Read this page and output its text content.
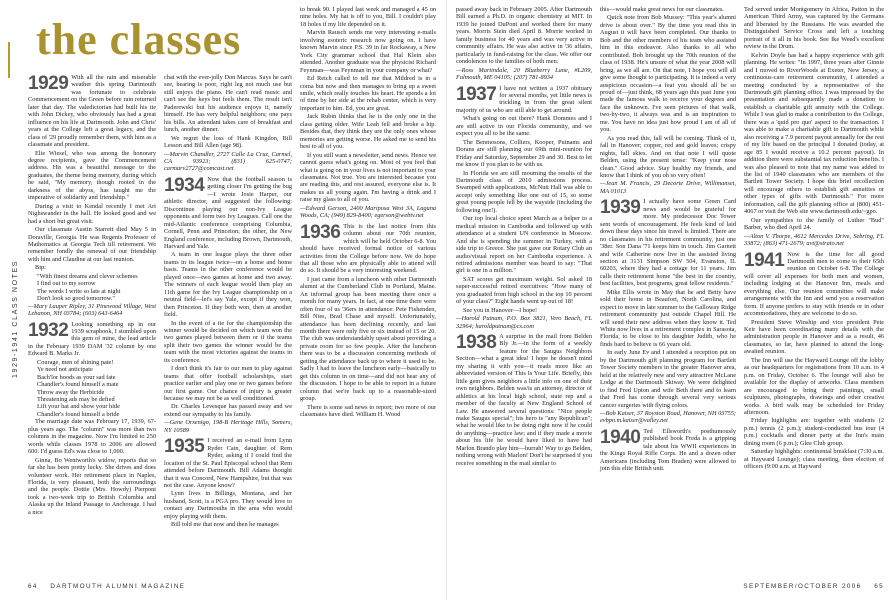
1929-1941 CLASS NOTES
the classes
1929 With all the rain and miserable weather this spring Dartmouth was fortunate to celebrate Commencement on the Green before rain returned later that day. The valedictorian had built his tie with John Dickey, who obviously has had a great influence on his life at Dartmouth. John and Chris' years at the College left a great legacy, and the class of '29 proudly remember them, with him as a classmate and president.

Elie Wiesel, who was among the honorary degree recipients, gave the Commencement address. His was a beautiful message to the graduates, the theme being memory, during which he said, "My memory, though rooted in the darkness of the abyss, has taught me the imperative of solidarity and friendship."

During a visit to Kendal recently I met Art Nighswander in the hall. He looked good and we had a short but great visit.

Our classmate Austin Starrett died May 5 in Doraville, Georgia. He was Regents Professor of Mathematics at Georgia Tech till retirement. We remember fondly the renewal of our friendship with him and Claudine at our last reunion.

Bip:

"With finest dreams and clever schemes

I find out to my sorrow

The words I write so late at night

Don't look so good tomorrow."

—Mary Lauper Ripley, 31 Pinewood Village, West Lebanon, NH 03784; (603) 643-6464

1932 Looking something up in our 1939 scrapbook, I stumbled upon this gem of mine, the lead article in the February 1939 DAM '32 column by one Edward B. Marks Jr.

Courage, men of shining pate!

Ye need not anticipate

Bach'lor hoods as your sad fate

Chandler's found himself a mate

Throw away the Herbicide

Threatening ads may be defied

Lift your hat and show your hide

Chandler's found himself a bride

The marriage date was February 17, 1939, 67-plus years ago. The "column" was more than two columns in the magazine. Now I'm limited to 250 words while classes 1978 to 2006 are allowed 600. I'd guess Ed's was close to 1,000.

Ginna, Bo Wentworth's widow, reports that so far she has been pretty lucky. She drives and does volunteer work. Her retirement place in Naples, Florida, is very pleasant, both the surroundings and the people. Dottie (Mrs. Howdy) Pierpont took a two-week trip to British Columbia and Alaska up the Inland Passage to Anchorage. I had a nice

chat with the ever-jolly Don Marcus. Says he can't see, hearing is poor, right leg not much use but still enjoys the piano. He can't read music and can't see the keys but feels them. The result isn't Paderewski but his audience enjoys it, namely himself. He has very helpful neighbors; one pays his bills. An attendant takes care of breakfast and lunch, another dinner.

We regret the loss of Hank Kingdon, Bill Lesson and Bill Allen (age 98).

—Marvin Chandler, 2727 Calle La Cruz, Carmel, CA 93923; (831) 625-0747; carmarv2727@comcast.net

1934 Now that the football season is getting closer I'm getting the bug—I wrote Josie Harper, our athletic director, and suggested the following: Discontinue playing our non-Ivy League opponents and form two Ivy Leagues. Call one the mid-Atlantic conference comprising Columbia, Cornell, Penn and Princeton; the other, the New England conference, including Brown, Dartmouth, Harvard and Yale.

A team in one league plays the three other teams in its league twice—on a home and home basis. Teams in the other conference would be played once—two games at home and two away. The winners of each league would then play an 11th game for the Ivy League championship on a neutral field—let's say Yale, except if they won, then Princeton. If they both won, then at another field.

In the event of a tie for the championship the winner would be decided on which team won the two games played between them or if the teams split their two games the winner would be the team with the most victories against the teams in its conference.

I don't think it's fair to our men to play against teams that offer football scholarships, start practice earlier and play one or two games before our first game. Our chance of injury is greater because we may not be as well conditioned.

Dr. Charles Levesque has passed away and we extend our sympathy to his family.

—Gene Orsenigo, 198-B Heritage Hills, Somers, NY 10589

1935 I received an e-mail from Lynn Ryder Cain, daughter of Rem Ryder, asking if I could find the location of the St. Paul Episcopal school that Rem attended before Dartmouth. Bill Adams thought that it was Concord, New Hampshire, but that was not the case. Anyone know?

Lynn lives in Billings, Montana, and her husband, Scott, is a PGA pro. They would love to contact any Dartmouths in the area who would enjoy playing with them.

Bill told me that now and then he manages

to break 90. I played last week and managed a 45 on nine holes. My hat is off to you, Bill. I couldn't play 18 holes if my life depended on it.

Marvin Rausch sends me very interesting e-mails involving esoteric research now going on. I have known Marvin since P.S. 39 in far Rockaway, a New York City grammar school that Hal Klein also attended. Another graduate was the physicist Richard Feynman—was Feynman in your company or what?

Ed Reich called to tell me that Mildred is in a coma but now and then manages to bring up a sweet smile, which really touches his heart. He spends a lot of time by her side at the rehab center, which is very important to him. Ed, you are great.

Jack Rubin thinks that he is the only one in the class getting older. Wife Leah fell and broke a hip. Besides that, they think they are the only ones whose memories are getting worse. He asked me to send his best to all of you.

If you still want a newsletter, send news. Hence we cannot guess what's going on. Most of you feel that what is going on in your lives is not important to your classmates. Not true. You are interested because you are reading this, and rest assured, everyone else is. It makes us all young again. I'm having a drink and I raise my glass to all of you.

—Edward Gerson, 2400 Mariposa West 3A, Laguna Woods, CA; (949) 829-8400; egerson@webtv.net

1936 This is the last notice from this column about our 70th reunion, which will be held October 6-8. You should have received formal notice of various activities from the College before now. We do hope that all those who are physically able to attend will do so. It should be a very interesting weekend.

I just came from a luncheon with other Dartmouth alumni at the Cumberland Club in Portland, Maine. An informal group has been meeting there once a month for many years. In fact, at one time there were often four of us '36ers in attendance: Pete Fishenden, Bill Nies, Brad Chase and myself. Unfortunately, attendance has been declining recently, and last month there were only five or six instead of 15 or 20. The club was understandably upset about providing a private room for so few people. After the luncheon there was to be a discussion concerning methods of getting the attendance back up to where it used to be. Sadly I had to leave the luncheon early—basically to get this column in on time—and did not hear any of the discussion. I hope to be able to report in a future column that we're back up to a reasonable-sized group.

There is some sad news to report; two more of our classmates have died. William H. Wood

64 DARTMOUTH ALUMNI MAGAZINE

passed away back in February 2005. After Dartmouth Bill earned a Ph.D. in organic chemistry at MIT. In 1939 he joined DuPont and worked there for many years. Morris Stein died April 8. Morrie worked in family business for 40 years and was very active in community affairs. He was also active in '36 affairs, particularly in fund-raising for the class. We offer our condolences to the families of both men.

—Ross Martindale, 20 Blueberry Lane, #L209, Falmouth, ME 04105; (207) 781-8934

1937 I have not written a 1937 obituary for several months, yet little news is trickling in from the great silent majority of us who are still able to get around.

What's going on out there? Hank Dommes and I are still active in our Florida community, and we expect you all to be the same.

The Benmosons, Colliers, Kooper, Putnams and Dorans are still planning our 69th mini-reunion for Friday and Saturday, September 29 and 30. Best to let me know if you plan to be with us.

In Florida we are still mourning the results of the Dartmouth class of 2010 admissions process. Swamped with applications, McNutt Hall was able to accept only something like one out of 15, so some great young people fell by the wayside (including the following one!).

Our top local choice spent March as a helper to a medical mission in Cambodia and followed up with attendance at a student UN conference in Moscow. And she is spending the summer in Turkey, with a side trip to Greece. She just gave our Rotary Club an audio/visual report on her Cambodia experience. A retired admissions member was heard to say: "That girl is one in a million."

SAT scores get maximum weight. Sol asked 18 super-successful retired executives: "How many of you graduated from high school in the top 10 percent of your class?" Eight hands went up out of 18!

See you in Hanover—I hope!

—Harold Putnam, P.O. Box 3821, Vero Beach, FL 32964; haroldputnam@cs.com

1938 A surprise in the mail from Belden Bly Jr.—in the form of a weekly feature for the Saugus Neighbors Section—what a great idea! I hope he doesn't mind my sharing it with you—it reads more like an abbreviated version of This Is Your Life. Briefly, this little gem gives neighbors a little info on one of their own neighbors. Belden was/is an attorney, director of athletics at his local high school, state rep and a member of the faculty at New England School of Law. He answered several questions: "Nice people make Saugus special"; his hero is "any Republican"; what he would like to be doing right now if he could do anything—practice law; and if they made a movie about his life he would have liked to have had Marlon Brando play him—hurrah! Way to go Belden, nothing wrong with Marlon! Don't be surprised if you receive something in the mail similar to

this—would make great news for our classmates.

Quick note from Bob Mussey: "This year's alumni drive is about over." By the time you read this in August it will have been completed. Our thanks to Bob and the other members of his team who assisted him in this endeavor. Also thanks to all who contributed. Bob brought up the 70th reunion of the class of 1938. He's unsure of what the year 2008 will bring, as we all are. On that note, I hope you will all give some thought to participating. It is indeed a very auspicious occasion—a feat you should all be so proud of—just think, 68 years ago this past June you made the famous walk to receive your degrees and face the unknown. I've seen pictures of that walk, two-by-two, it always was and is an inspiration to me. You have no idea just how proud I am of all of you.

As you read this, fall will be coming. Think of it, fall in Hanover; copper, red and gold leaves; crispy nights, fall skies. And on that note I will quote Belden, using the present tense: "Keep your nose clean." Good advice. Stay healthy my friends, and know that I think of you oh so very often!

—Jean M. Francis, 29 Decorte Drive, Willimanset, MA 01013

1939 I actually have some Green Card news and would be grateful for more. My predecessor Doc Tower sent words of encouragement. He feels kind of laid down these days since his travel is limited. There are no classmates in his retirement community, just one '38er. Son Dana '71 keeps him in touch. Jim Garnett and wife Catherine now live in the assisted living section at 3131 Simpson SW 504, Evanston, IL 60203, where they had a cottage for 11 years. Jim calls their retirement home "the best in the country, best facilities, best programs, great fellow residents."

Mike Ellis wrote in May that he and Betty have sold their home in Beaufort, North Carolina, and expect to move in late summer to the Galloway Ridge retirement community just outside Chapel Hill. He will send their new address when they know it. Ted White now lives in a retirement complex in Sarasota, Florida, to be close to his daughter Judith, who he finds hard to believe is 66 years old.

In early June Ev and I attended a reception put on by the Dartmouth gift planning program for Bartlett Tower Society members in the greater Hanover area, held at the relatively new and very attractive McLane Lodge at the Dartmouth Skiway. We were delighted to find Fred Upton and wife Beth there and to learn that Fred has come through several very serious cancer surgeries with flying colors.

—Bob Kaiser, 37 Royston Road, Hanover, NH 03755; evbpn.m.kaiser@valley.net

1940 Ted Ellsworth's posthumously published book Freda is a gripping tale about his WWII experiences in the Kings Royal Rifle Corps. He and a dozen other Americans (including Tom Braden) were allowed to join this elite British unit.

Ted served under Montgomery in Africa, Patton in the American Third Army, was captured by the Germans and liberated by the Russians. He was awarded the Distinguished Service Cross and left a touching portrait of it all in his book. See Ike Weed's excellent review in the Drum.

Kelvin Doyle has had a happy experience with gift planning. He writes: "In 1997, three years after Ginnie and I moved to RiverWoods at Exeter, New Jersey, a continuous-care retirement community, I attended a meeting conducted by a representative of the Dartmouth gift planning office. I was impressed by the presentation and subsequently made a donation to establish a charitable gift annuity with the College. While I was glad to make a contribution to the College, there was a 'quid pro quo' aspect to the transaction. I was able to make a charitable gift to Dartmouth while also receiving a 7.9 percent payout annually for the rest of my life based on the principal I donated (today, at age 85 I would receive a 10.2 percent payout). In addition there were substantial tax reduction benefits. I was also pleased to note that my name was added to the list of 1940 classmates who are members of the Bartlett Tower Society. I hope this brief recollection will encourage others to establish gift annuities or other types of gifts with Dartmouth." For more information, call the gift planning office at (800) 451-4067 or visit the Web site www.dartmouth.edu/~gpo.

Our sympathies to the family of Luther "Bud" Barber, who died April 24.

—Alton V. Thorpe, 4612 Mercedes Drive, Sebring, FL 33872; (863) 471-2679; avt@strato.net

1941 Now is the time for all good Dartmouth men to come to their 65th reunion on October 6-8. The College will cover all expenses for both men and women, including lodging at the Hanover Inn, meals and everything else. Our reunion committee will make arrangements with the Inn and send you a reservation form. If anyone prefers to stay with friends or in other accommodations, they are welcome to do so.

President Steve Winship and vice president Pete Keir have been coordinating many details with the administration people in Hanover and as a result, 46 classmates, so far, have planned to attend the long-awaited reunion.

The Inn will use the Hayward Lounge off the lobby as our headquarters for registrations from 10 a.m. to 4 p.m. on Friday, October 6. The lounge will also be available for the display of artworks. Class members are encouraged to bring their paintings, small sculptures, photographs, drawings and other creative works. A bird walk may be scheduled for Friday afternoon.

Friday highlights are: together with students (2 p.m.) tennis (2 p.m.); student-conducted bus tour (4 p.m.) cocktails and dinner party at the Inn's main dining room (6 p.m.); Glee Club group.

Saturday highlights: continental breakfast (7:30 a.m. at Hayward Lounge); class meeting, then election of officers (9:00 a.m. at Hayward

SEPTEMBER/OCTOBER 2006 65
